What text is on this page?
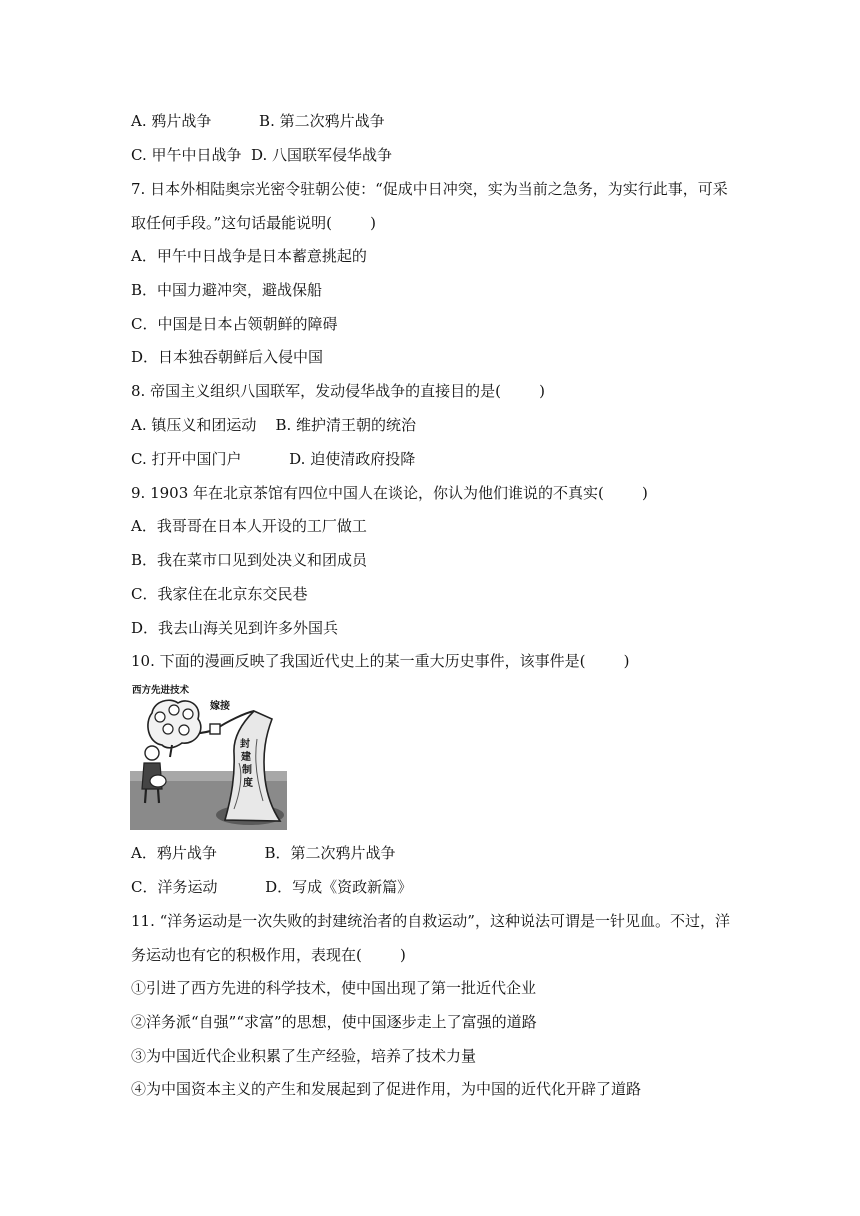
A. 鸦片战争          B. 第二次鸦片战争
C. 甲午中日战争  D. 八国联军侵华战争
7. 日本外相陆奥宗光密令驻朝公使：“促成中日冲突，实为当前之急务，为实行此事，可采
取任何手段。”这句话最能说明(        )
A．甲午中日战争是日本蓄意挑起的
B．中国力避冲突，避战保船
C．中国是日本占领朝鲜的障碍
D．日本独吞朝鲜后入侵中国
8. 帝国主义组织八国联军，发动侵华战争的直接目的是(        )
A. 镇压义和团运动    B. 维护清王朝的统治
C. 打开中国门户          D. 迫使清政府投降
9. 1903 年在北京茶馆有四位中国人在谈论，你认为他们谁说的不真实(        )
A．我哥哥在日本人开设的工厂做工
B．我在菜市口见到处决义和团成员
C．我家住在北京东交民巷
D．我去山海关见到许多外国兵
10. 下面的漫画反映了我国近代史上的某一重大历史事件，该事件是(        )
西方先进技术
嫁接
封
建
制
度
A．鸦片战争          B．第二次鸦片战争
C．洋务运动          D．写成《资政新篇》
11. “洋务运动是一次失败的封建统治者的自救运动”，这种说法可谓是一针见血。不过，洋
务运动也有它的积极作用，表现在(        )
①引进了西方先进的科学技术，使中国出现了第一批近代企业
②洋务派“自强”“求富”的思想，使中国逐步走上了富强的道路
③为中国近代企业积累了生产经验，培养了技术力量
④为中国资本主义的产生和发展起到了促进作用，为中国的近代化开辟了道路
